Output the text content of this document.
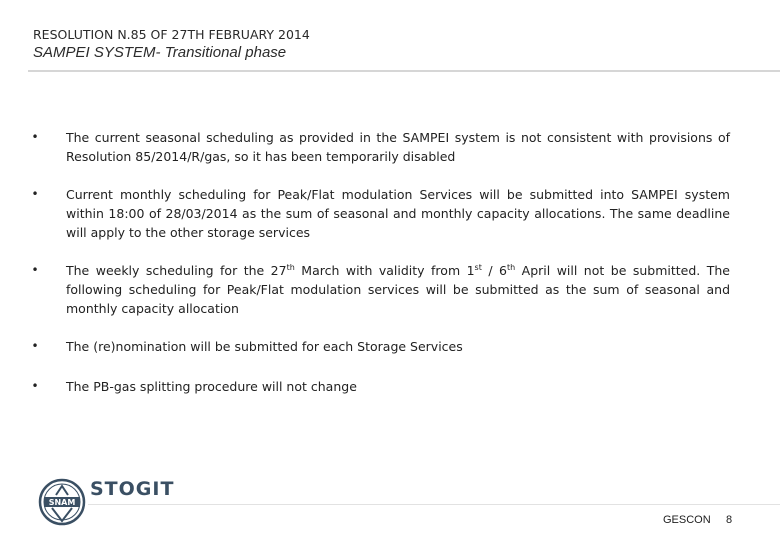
RESOLUTION N.85 OF 27TH FEBRUARY 2014
SAMPEI SYSTEM- Transitional phase
• The current seasonal scheduling as provided in the SAMPEI system is not consistent with provisions of Resolution 85/2014/R/gas, so it has been temporarily disabled
• Current monthly scheduling for Peak/Flat modulation Services will be submitted into SAMPEI system within 18:00 of 28/03/2014 as the sum of seasonal and monthly capacity allocations. The same deadline will apply to the other storage services
• The weekly scheduling for the 27th March with validity from 1st / 6th April will not be submitted. The following scheduling for Peak/Flat modulation services will be submitted as the sum of seasonal and monthly capacity allocation
• The (re)nomination will be submitted for each Storage Services
• The PB-gas splitting procedure will not change
SNAM
STOGIT
GESCON 8
